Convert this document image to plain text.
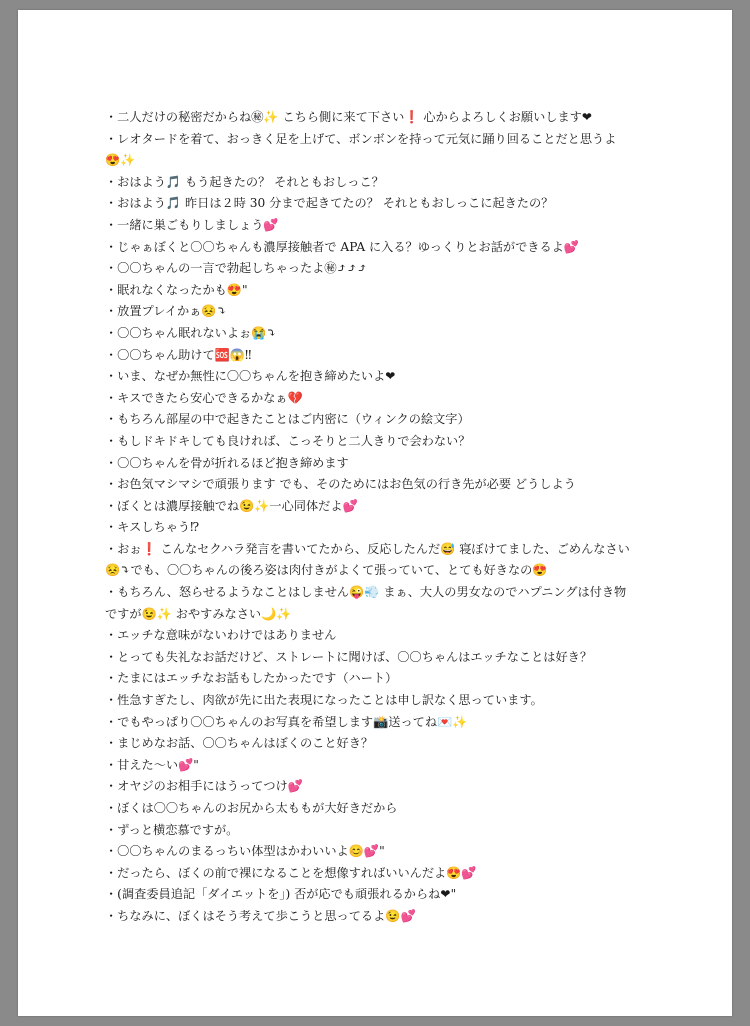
・二人だけの秘密だからね㊙✨ こちら側に来て下さい❗ 心からよろしくお願いします❤
・レオタードを着て、おっきく足を上げて、ボンボンを持って元気に踊り回ることだと思うよ
😍✨
・おはよう🎵 もう起きたの？ それともおしっこ？
・おはよう🎵 昨日は２時 30 分まで起きてたの？ それともおしっこに起きたの？
・一緒に巣ごもりしましょう💕
・じゃぁぼくと〇〇ちゃんも濃厚接触者で APA に入る？ゆっくりとお話ができるよ💕
・〇〇ちゃんの一言で勃起しちゃったよ㊙⤴⤴⤴
・眠れなくなったかも😍"
・放置プレイかぁ😣⤵
・〇〇ちゃん眠れないよぉ😭⤵
・〇〇ちゃん助けて🆘😱‼
・いま、なぜか無性に〇〇ちゃんを抱き締めたいよ❤
・キスできたら安心できるかなぁ💔
・もちろん部屋の中で起きたことはご内密に（ウィンクの絵文字）
・もしドキドキしても良ければ、こっそりと二人きりで会わない？
・〇〇ちゃんを骨が折れるほど抱き締めます
・お色気マシマシで頑張ります でも、そのためにはお色気の行き先が必要 どうしよう
・ぼくとは濃厚接触でね😉✨一心同体だよ💕
・キスしちゃう⁉
・おぉ❗ こんなセクハラ発言を書いてたから、反応したんだ😅 寝ぼけてました、ごめんなさい
😣⤵でも、〇〇ちゃんの後ろ姿は肉付きがよくて張っていて、とても好きなの😍
・もちろん、怒らせるようなことはしません😜💨 まぁ、大人の男女なのでハプニングは付き物
ですが😉✨ おやすみなさい🌙✨
・エッチな意味がないわけではありません
・とっても失礼なお話だけど、ストレートに聞けば、〇〇ちゃんはエッチなことは好き？
・たまにはエッチなお話もしたかったです（ハート）
・性急すぎたし、肉欲が先に出た表現になったことは申し訳なく思っています。
・でもやっぱり〇〇ちゃんのお写真を希望します📸送ってね💌✨
・まじめなお話、〇〇ちゃんはぼくのこと好き？
・甘えた〜い💕"
・オヤジのお相手にはうってつけ💕
・ぼくは〇〇ちゃんのお尻から太ももが大好きだから
・ずっと横恋慕ですが。
・〇〇ちゃんのまるっちい体型はかわいいよ😊💕"
・だったら、ぼくの前で裸になることを想像すればいいんだよ😍💕
・(調査委員追記「ダイエットを」) 否が応でも頑張れるからね❤"
・ちなみに、ぼくはそう考えて歩こうと思ってるよ😉💕
